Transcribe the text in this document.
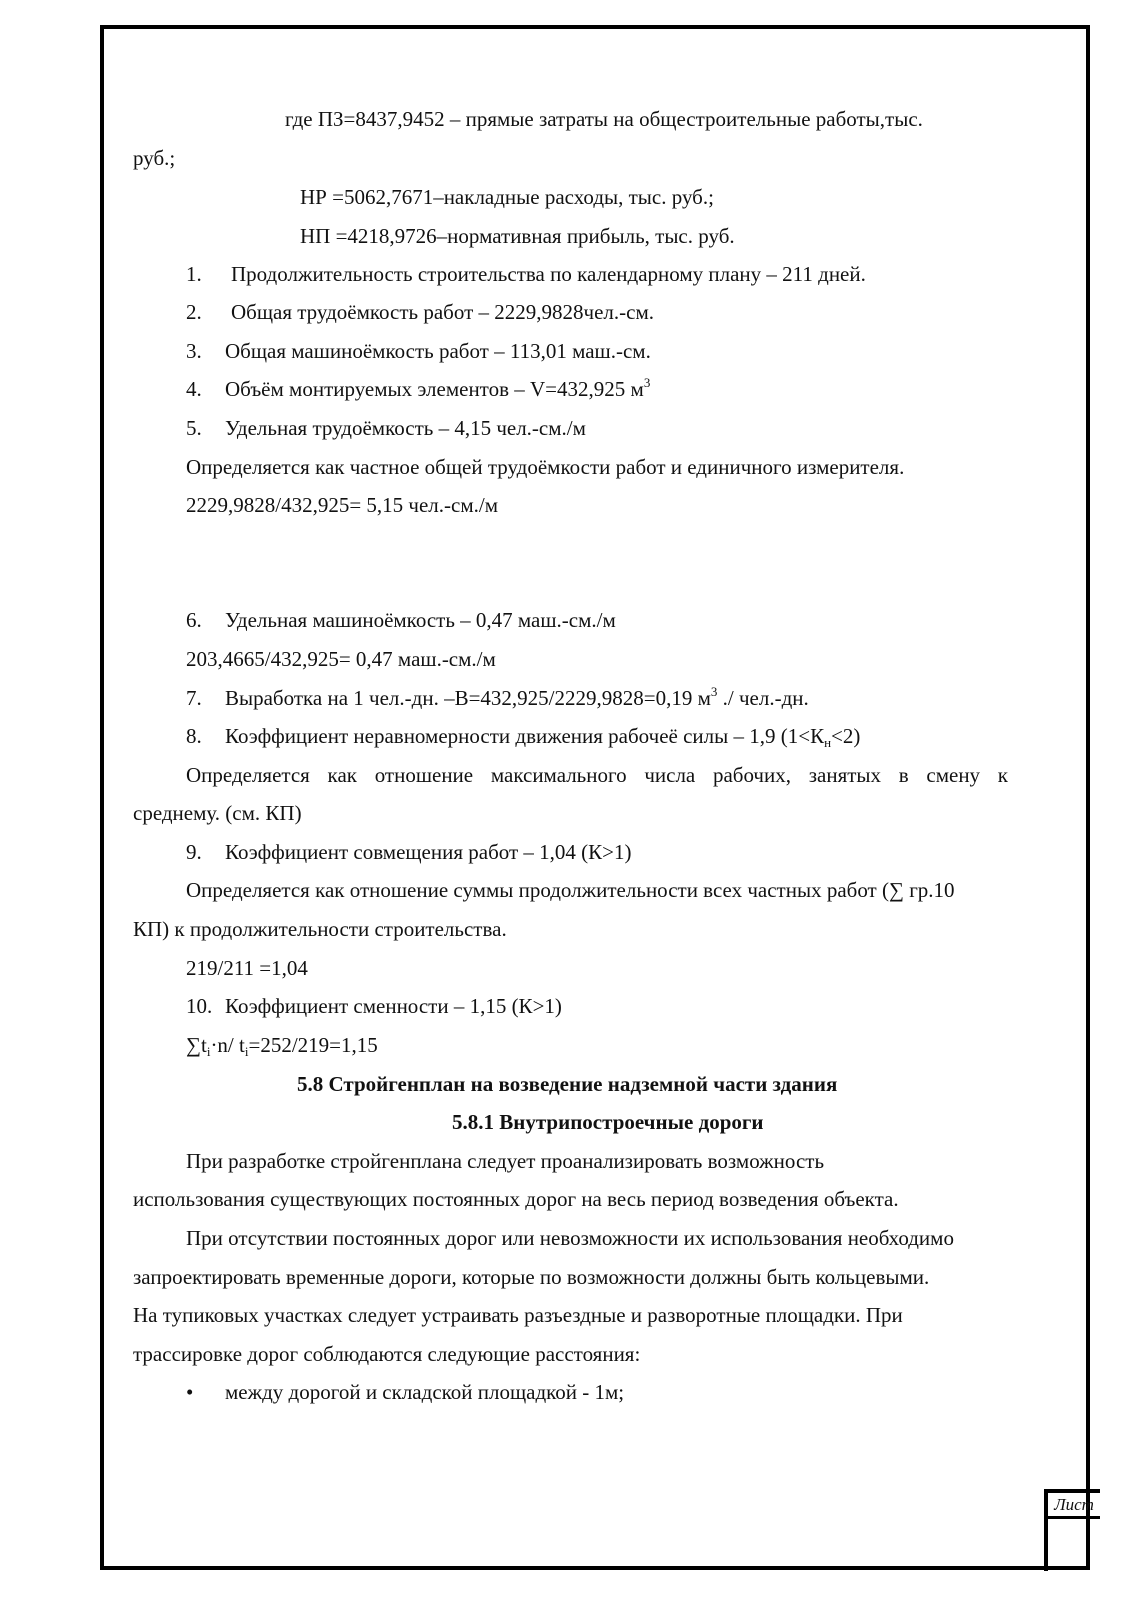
Лист
где ПЗ=8437,9452 – прямые затраты на общестроительные работы,тыс.
руб.;
НР =5062,7671–накладные расходы, тыс. руб.;
НП =4218,9726–нормативная прибыль, тыс. руб.
1. Продолжительность строительства по календарному плану – 211 дней.
2. Общая трудоёмкость работ – 2229,9828чел.-см.
3. Общая машиноёмкость работ – 113,01 маш.-см.
4. Объём монтируемых элементов – V=432,925 $м^3$
5. Удельная трудоёмкость – 4,15 чел.-см./м
Определяется как частное общей трудоёмкости работ и единичного измерителя.
2229,9828/432,925= 5,15 чел.-см./м
6. Удельная машиноёмкость – 0,47 маш.-см./м
203,4665/432,925= 0,47 маш.-см./м
7. Выработка на 1 чел.-дн. –В=432,925/2229,9828=0,19 $м^3$ ./ чел.-дн.
8. Коэффициент неравномерности движения рабочеё силы – 1,9 $(1<К_н<2)$
Определяется как отношение максимального числа рабочих, занятых в смену к
среднему. (см. КП)
9. Коэффициент совмещения работ – 1,04 (К>1)
Определяется как отношение суммы продолжительности всех частных работ (∑ гр.10
КП) к продолжительности строительства.
219/211 =1,04
10. Коэффициент сменности – 1,15 (К>1)
$\sum t_i\cdot n/$ $t_i=252/219=1,15$
5.8 Стройгенплан на возведение надземной части здания
5.8.1 Внутрипостроечные дороги
При разработке стройгенплана следует проанализировать возможность
использования существующих постоянных дорог на весь период возведения объекта.
При отсутствии постоянных дорог или невозможности их использования необходимо
запроектировать временные дороги, которые по возможности должны быть кольцевыми.
На тупиковых участках следует устраивать разъездные и разворотные площадки. При
трассировке дорог соблюдаются следующие расстояния:
• между дорогой и складской площадкой - 1м;
